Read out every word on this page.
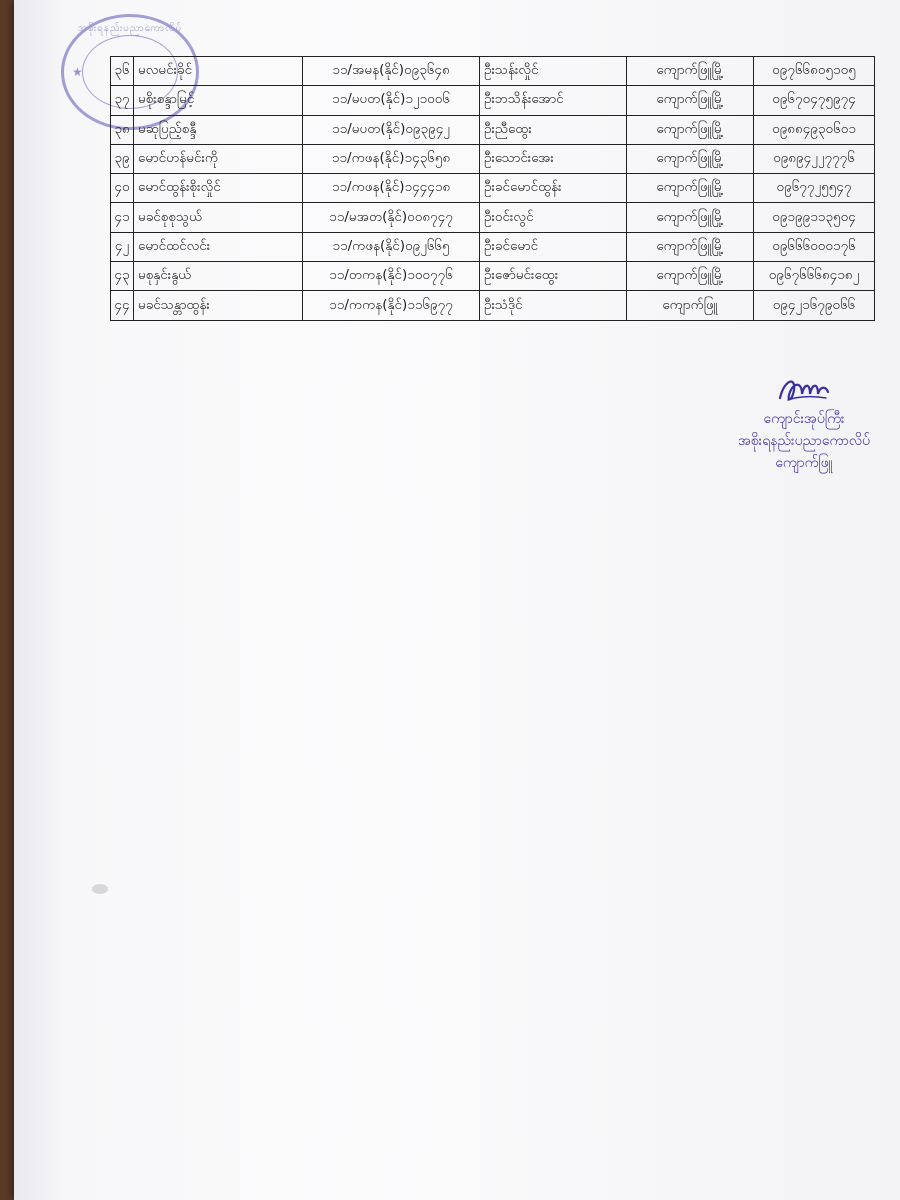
အစိုးရနည်းပညာကောလိပ်
★ ၃၆	မလမင်းခိုင်	၁၁/အမန(နိုင်)၀၉၃၆၄၈	ဦးသန်းလှိုင်	ကျောက်ဖြူမြို့	၀၉၇၆၆၈၀၅၁၀၅
၃၇	မစိုးစန္ဒာမြင့်	၁၁/မပတ(နိုင်)၁၂၁၀၀၆	ဦးဘသိန်းအောင်	ကျောက်ဖြူမြို့	၀၉၆၇၀၄၇၅၉၇၄
၃၈	မဆုပြည့်စန္ဒီ	၁၁/မပတ(နိုင်)၀၉၃၉၄၂	ဦးညီထွေး	ကျောက်ဖြူမြို့	၀၉၈၈၄၉၃၀၆၀၁
၃၉	မောင်ဟန်မင်းကို	၁၁/ကဖန(နိုင်)၁၄၃၆၅၈	ဦးသောင်းအေး	ကျောက်ဖြူမြို့	၀၉၈၉၄၂၂၇၇၇၆
၄၀	မောင်ထွန်းစိုးလှိုင်	၁၁/ကဖန(နိုင်)၁၄၄၄၁၈	ဦးခင်မောင်ထွန်း	ကျောက်ဖြူမြို့	၀၉၆၇၇၂၅၅၄၇
၄၁	မခင်စုစုသွယ်	၁၁/မအတ(နိုင်)၀၀၈၇၄၇	ဦးဝင်းလွင်	ကျောက်ဖြူမြို့	၀၉၁၉၉၁၁၃၅၀၄
၄၂	မောင်ထင်လင်း	၁၁/ကဖန(နိုင်)၀၉၂၆၆၅	ဦးခင်မောင်	ကျောက်ဖြူမြို့	၀၉၆၆၆၀၀၀၁၇၆
၄၃	မစုနှင်းနွယ်	၁၁/တကန(နိုင်)၁၀၀၇၇၆	ဦးဇော်မင်းထွေး	ကျောက်ဖြူမြို့	၀၉၆၇၆၆၆၈၄၁၈၂
၄၄	မခင်သန္တာထွန်း	၁၁/ကကန(နိုင်)၁၁၆၉၇၇	ဦးသံဒိုင်	ကျောက်ဖြူ	၀၉၄၂၁၆၇၉၀၆၆
ကျောင်းအုပ်ကြီး
အစိုးရနည်းပညာကောလိပ်
ကျောက်ဖြူ
